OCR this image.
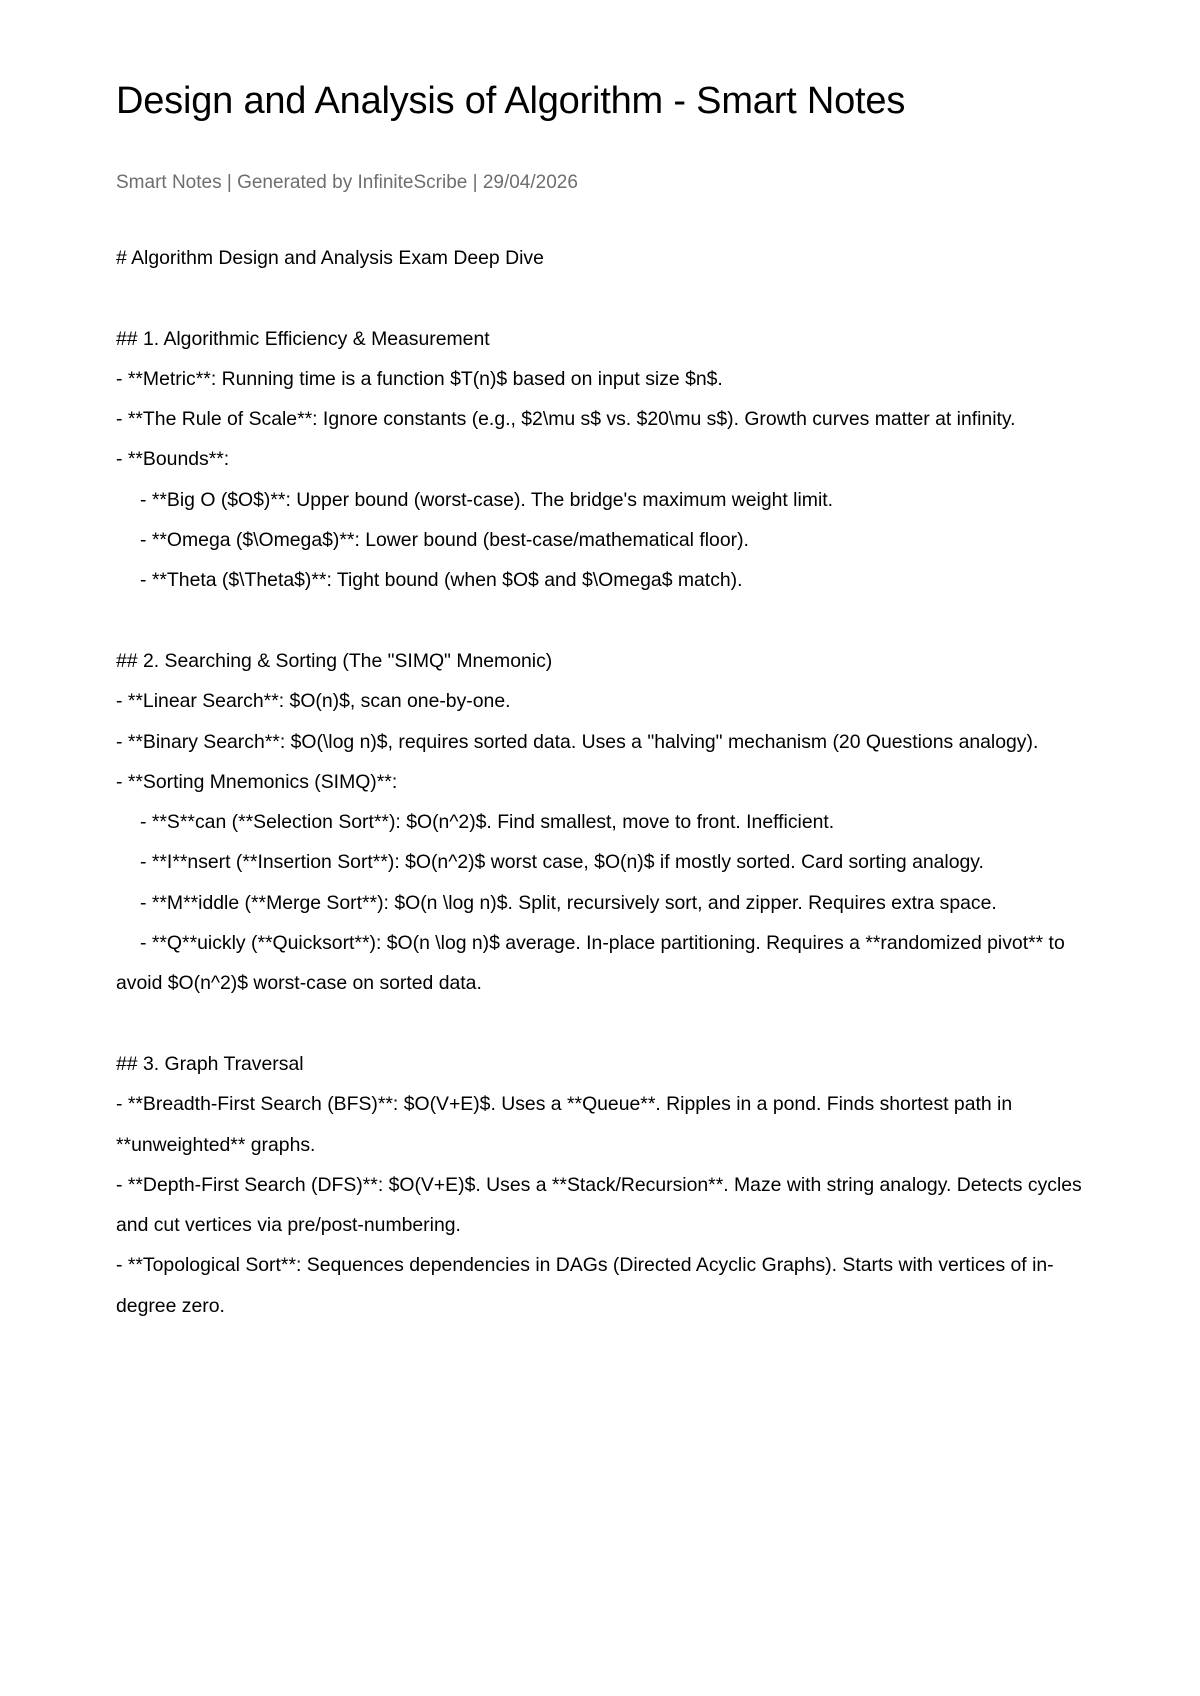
Design and Analysis of Algorithm - Smart Notes
Smart Notes | Generated by InfiniteScribe | 29/04/2026

# Algorithm Design and Analysis Exam Deep Dive

## 1. Algorithmic Efficiency & Measurement

- **Metric**: Running time is a function $T(n)$ based on input size $n$.

- **The Rule of Scale**: Ignore constants (e.g., $2\mu s$ vs. $20\mu s$). Growth curves matter at infinity.

- **Bounds**:

- **Big O ($O$)**: Upper bound (worst-case). The bridge's maximum weight limit.

- **Omega ($\Omega$)**: Lower bound (best-case/mathematical floor).

- **Theta ($\Theta$)**: Tight bound (when $O$ and $\Omega$ match).

## 2. Searching & Sorting (The "SIMQ" Mnemonic)

- **Linear Search**: $O(n)$, scan one-by-one.

- **Binary Search**: $O(\log n)$, requires sorted data. Uses a "halving" mechanism (20 Questions analogy).

- **Sorting Mnemonics (SIMQ)**:

- **S**can (**Selection Sort**): $O(n^2)$. Find smallest, move to front. Inefficient.

- **I**nsert (**Insertion Sort**): $O(n^2)$ worst case, $O(n)$ if mostly sorted. Card sorting analogy.

- **M**iddle (**Merge Sort**): $O(n \log n)$. Split, recursively sort, and zipper. Requires extra space.

- **Q**uickly (**Quicksort**): $O(n \log n)$ average. In-place partitioning. Requires a **randomized pivot** to avoid $O(n^2)$ worst-case on sorted data.

## 3. Graph Traversal

- **Breadth-First Search (BFS)**: $O(V+E)$. Uses a **Queue**. Ripples in a pond. Finds shortest path in **unweighted** graphs.

- **Depth-First Search (DFS)**: $O(V+E)$. Uses a **Stack/Recursion**. Maze with string analogy. Detects cycles and cut vertices via pre/post-numbering.

- **Topological Sort**: Sequences dependencies in DAGs (Directed Acyclic Graphs). Starts with vertices of in-degree zero.
